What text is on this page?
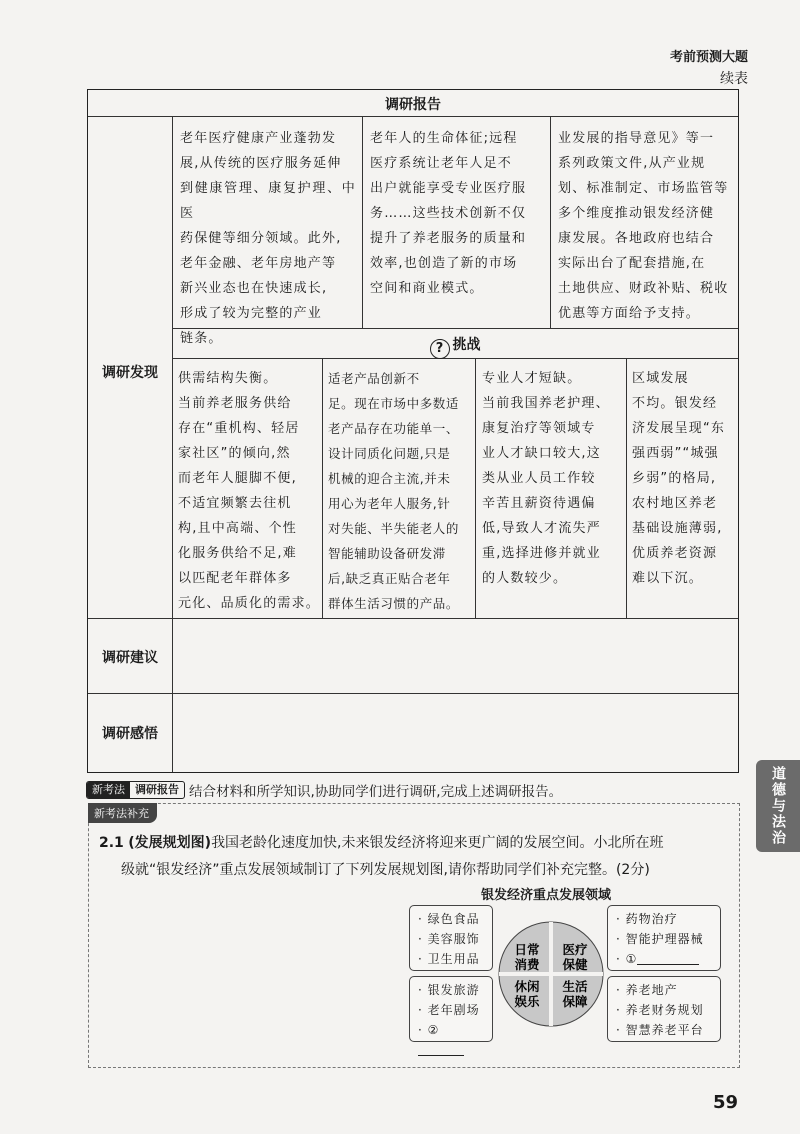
考前预测大题
续表
调研报告
调研发现
调研建议
调研感悟
老年医疗健康产业蓬勃发
展,从传统的医疗服务延伸
到健康管理、康复护理、中医
药保健等细分领域。此外,
老年金融、老年房地产等
新兴业态也在快速成长,
形成了较为完整的产业
链条。
老年人的生命体征;远程
医疗系统让老年人足不
出户就能享受专业医疗服
务……这些技术创新不仅
提升了养老服务的质量和
效率,也创造了新的市场
空间和商业模式。
业发展的指导意见》等一
系列政策文件,从产业规
划、标准制定、市场监管等
多个维度推动银发经济健
康发展。各地政府也结合
实际出台了配套措施,在
土地供应、财政补贴、税收
优惠等方面给予支持。
? 挑战
供需结构失衡。
当前养老服务供给
存在“重机构、轻居
家社区”的倾向,然
而老年人腿脚不便,
不适宜频繁去往机
构,且中高端、个性
化服务供给不足,难
以匹配老年群体多
元化、品质化的需求。
适老产品创新不
足。现在市场中多数适
老产品存在功能单一、
设计同质化问题,只是
机械的迎合主流,并未
用心为老年人服务,针
对失能、半失能老人的
智能辅助设备研发滞
后,缺乏真正贴合老年
群体生活习惯的产品。
专业人才短缺。
当前我国养老护理、
康复治疗等领域专
业人才缺口较大,这
类从业人员工作较
辛苦且薪资待遇偏
低,导致人才流失严
重,选择进修并就业
的人数较少。
区域发展
不均。银发经
济发展呈现“东
强西弱”“城强
乡弱”的格局,
农村地区养老
基础设施薄弱,
优质养老资源
难以下沉。
新考法 调研报告 结合材料和所学知识,协助同学们进行调研,完成上述调研报告。
新考法补充
2.1 (发展规划图)我国老龄化速度加快,未来银发经济将迎来更广阔的发展空间。小北所在班
级就“银发经济”重点发展领域制订了下列发展规划图,请你帮助同学们补充完整。(2分)
银发经济重点发展领域
· 绿色食品
· 美容服饰
· 卫生用品
· 药物治疗
· 智能护理器械
· ①
· 银发旅游
· 老年剧场
· ②
· 养老地产
· 养老财务规划
· 智慧养老平台
日常
消费
医疗
保健
休闲
娱乐
生活
保障
道德与法治
59
